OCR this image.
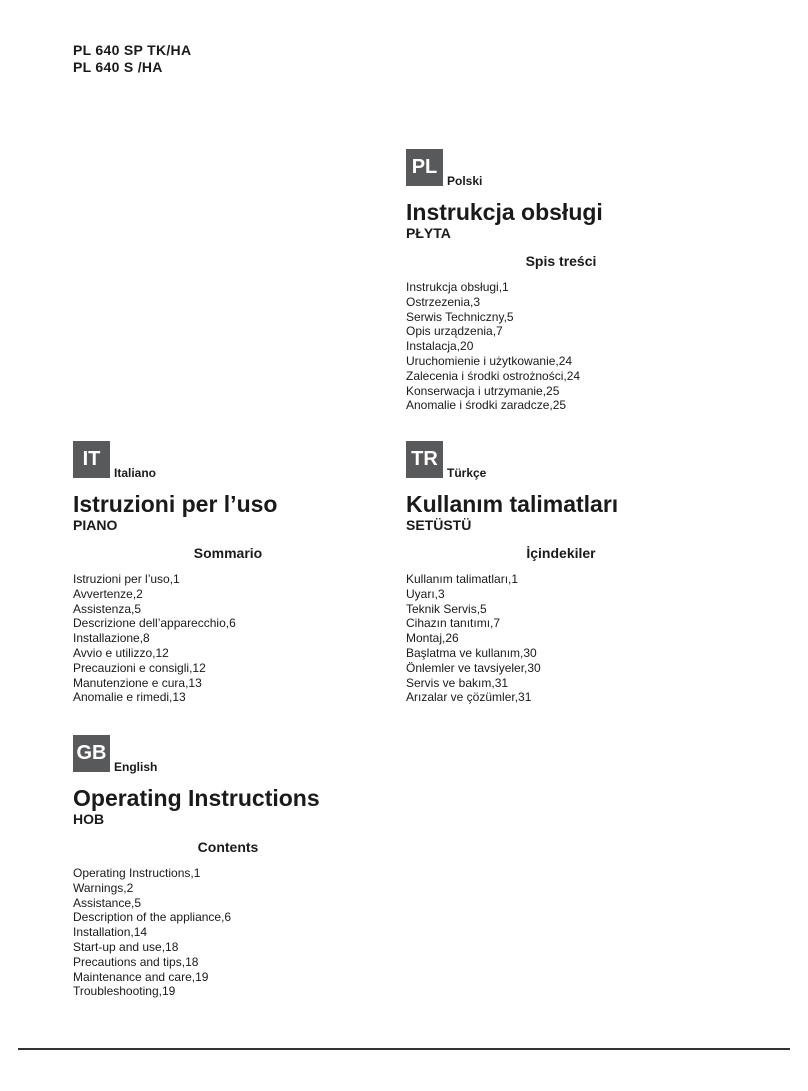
PL 640 SP TK/HA
PL 640 S /HA
PL
Polski
Instrukcja obsługi
PŁYTA
Spis treści
Instrukcja obsługi,1
Ostrzezenia,3
Serwis Techniczny,5
Opis urządzenia,7
Instalacja,20
Uruchomienie i użytkowanie,24
Zalecenia i środki ostrożności,24
Konserwacja i utrzymanie,25
Anomalie i środki zaradcze,25
IT
Italiano
Istruzioni per l’uso
PIANO
Sommario
Istruzioni per l’uso,1
Avvertenze,2
Assistenza,5
Descrizione dell’apparecchio,6
Installazione,8
Avvio e utilizzo,12
Precauzioni e consigli,12
Manutenzione e cura,13
Anomalie e rimedi,13
TR
Türkçe
Kullanım talimatları
SETÜSTÜ
İçindekiler
Kullanım talimatları,1
Uyarı,3
Teknik Servis,5
Cihazın tanıtımı,7
Montaj,26
Başlatma ve kullanım,30
Önlemler ve tavsiyeler,30
Servis ve bakım,31
Arızalar ve çözümler,31
GB
English
Operating Instructions
HOB
Contents
Operating Instructions,1
Warnings,2
Assistance,5
Description of the appliance,6
Installation,14
Start-up and use,18
Precautions and tips,18
Maintenance and care,19
Troubleshooting,19
